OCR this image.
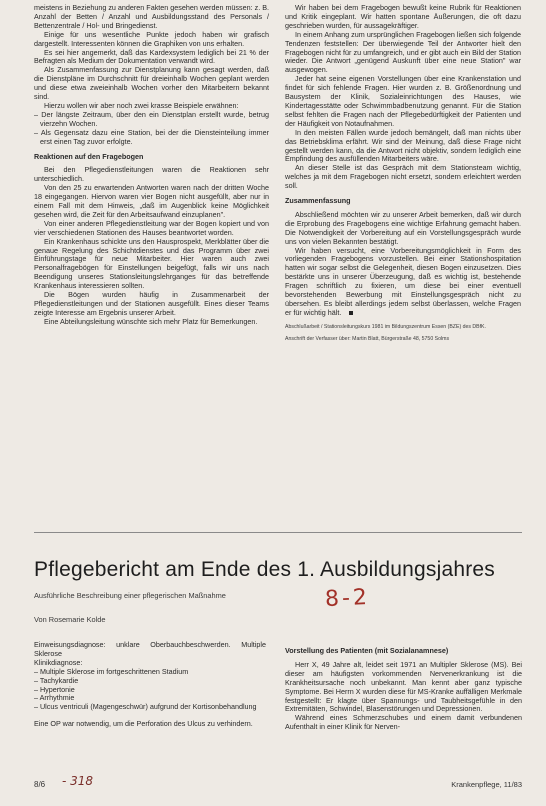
meistens in Beziehung zu anderen Fakten gesehen werden müssen: z. B. Anzahl der Betten / Anzahl und Ausbildungsstand des Personals / Bettenzentrale / Hol- und Bringedienst.

Einige für uns wesentliche Punkte jedoch haben wir grafisch dargestellt. Interessenten können die Graphiken von uns erhalten.

Es sei hier angemerkt, daß das Kardexsystem lediglich bei 21 % der Befragten als Medium der Dokumentation verwandt wird.

Als Zusammenfassung zur Dienstplanung kann gesagt werden, daß die Dienstpläne im Durchschnitt für dreieinhalb Wochen geplant werden und diese etwa zweieinhalb Wochen vorher den Mitarbeitern bekannt sind.

Hierzu wollen wir aber noch zwei krasse Beispiele erwähnen:

– Der längste Zeitraum, über den ein Dienstplan erstellt wurde, betrug vierzehn Wochen.

– Als Gegensatz dazu eine Station, bei der die Diensteinteilung immer erst einen Tag zuvor erfolgte.

Reaktionen auf den Fragebogen

Bei den Pflegedienstleitungen waren die Reaktionen sehr unterschiedlich.

Von den 25 zu erwartenden Antworten waren nach der dritten Woche 18 eingegangen. Hiervon waren vier Bogen nicht ausgefüllt, aber nur in einem Fall mit dem Hinweis, „daß im Augenblick keine Möglichkeit gesehen wird, die Zeit für den Arbeitsaufwand einzuplanen".

Von einer anderen Pflegedienstleitung war der Bogen kopiert und von vier verschiedenen Stationen des Hauses beantwortet worden.

Ein Krankenhaus schickte uns den Hausprospekt, Merkblätter über die genaue Regelung des Schichtdienstes und das Programm über zwei Einführungstage für neue Mitarbeiter. Hier waren auch zwei Personalfragebögen für Einstellungen beigefügt, falls wir uns nach Beendigung unseres Stationsleitungslehrganges für das betreffende Krankenhaus interessieren sollten.

Die Bögen wurden häufig in Zusammenarbeit der Pflegedienstleitungen und der Stationen ausgefüllt. Eines dieser Teams zeigte Interesse am Ergebnis unserer Arbeit.

Eine Abteilungsleitung wünschte sich mehr Platz für Bemerkungen.

Wir haben bei dem Fragebogen bewußt keine Rubrik für Reaktionen und Kritik eingeplant. Wir hatten spontane Äußerungen, die oft dazu geschrieben wurden, für aussagekräftiger.

In einem Anhang zum ursprünglichen Fragebogen ließen sich folgende Tendenzen feststellen: Der überwiegende Teil der Antworter hielt den Fragebogen nicht für zu umfangreich, und er gibt auch ein Bild der Station wieder. Die Antwort „genügend Auskunft über eine neue Station" war ausgewogen.

Jeder hat seine eigenen Vorstellungen über eine Krankenstation und findet für sich fehlende Fragen. Hier wurden z. B. Größenordnung und Bausystem der Klinik, Sozialeinrichtungen des Hauses, wie Kindertagesstätte oder Schwimmbadbenutzung genannt. Für die Station selbst fehlten die Fragen nach der Pflegebedürftigkeit der Patienten und der Häufigkeit von Notaufnahmen.

In den meisten Fällen wurde jedoch bemängelt, daß man nichts über das Betriebsklima erfährt. Wir sind der Meinung, daß diese Frage nicht gestellt werden kann, da die Antwort nicht objektiv, sondern lediglich eine Empfindung des ausfüllenden Mitarbeiters wäre.

An dieser Stelle ist das Gespräch mit dem Stationsteam wichtig, welches ja mit dem Fragebogen nicht ersetzt, sondern erleichtert werden soll.

Zusammenfassung

Abschließend möchten wir zu unserer Arbeit bemerken, daß wir durch die Erprobung des Fragebogens eine wichtige Erfahrung gemacht haben. Die Notwendigkeit der Vorbereitung auf ein Vorstellungsgespräch wurde uns von vielen Bekannten bestätigt.

Wir haben versucht, eine Vorbereitungsmöglichkeit in Form des vorliegenden Fragebogens vorzustellen. Bei einer Stationshospitation hatten wir sogar selbst die Gelegenheit, diesen Bogen einzusetzen. Dies bestärkte uns in unserer Überzeugung, daß es wichtig ist, bestehende Fragen schriftlich zu fixieren, um diese bei einer eventuell bevorstehenden Bewerbung mit Einstellungsgespräch nicht zu übersehen. Es bleibt allerdings jedem selbst überlassen, welche Fragen er für wichtig hält.

Abschlußarbeit / Stationsleitungskurs 1981 im Bildungszentrum Essen (BZE) des DBfK.

Anschrift der Verfasser über: Martin Blatt, Bürgerstraße 48, 5750 Solms

Pflegebericht am Ende des 1. Ausbildungsjahres
Ausführliche Beschreibung einer pflegerischen Maßnahme
Von Rosemarie Kolde
8-2

Einweisungsdiagnose: unklare Oberbauchbeschwerden. Multiple Sklerose

Klinikdiagnose:

– Multiple Sklerose im fortgeschrittenen Stadium

– Tachykardie

– Hypertonie

– Arrhythmie

– Ulcus ventriculi (Magengeschwür) aufgrund der Kortisonbehandlung

Eine OP war notwendig, um die Perforation des Ulcus zu verhindern.

Vorstellung des Patienten (mit Sozialanamnese)

Herr X, 49 Jahre alt, leidet seit 1971 an Multipler Sklerose (MS). Bei dieser am häufigsten vorkommenden Nervenerkrankung ist die Krankheitsursache noch unbekannt. Man kennt aber ganz typische Symptome. Bei Herrn X wurden diese für MS-Kranke auffälligen Merkmale festgestellt: Er klagte über Spannungs- und Taubheitsgefühle in den Extremitäten, Schwindel, Blasenstörungen und Depressionen.

Während eines Schmerzschubes und einem damit verbundenen Aufenthalt in einer Klinik für Nerven-

8/6 - 318	Krankenpflege, 11/83
